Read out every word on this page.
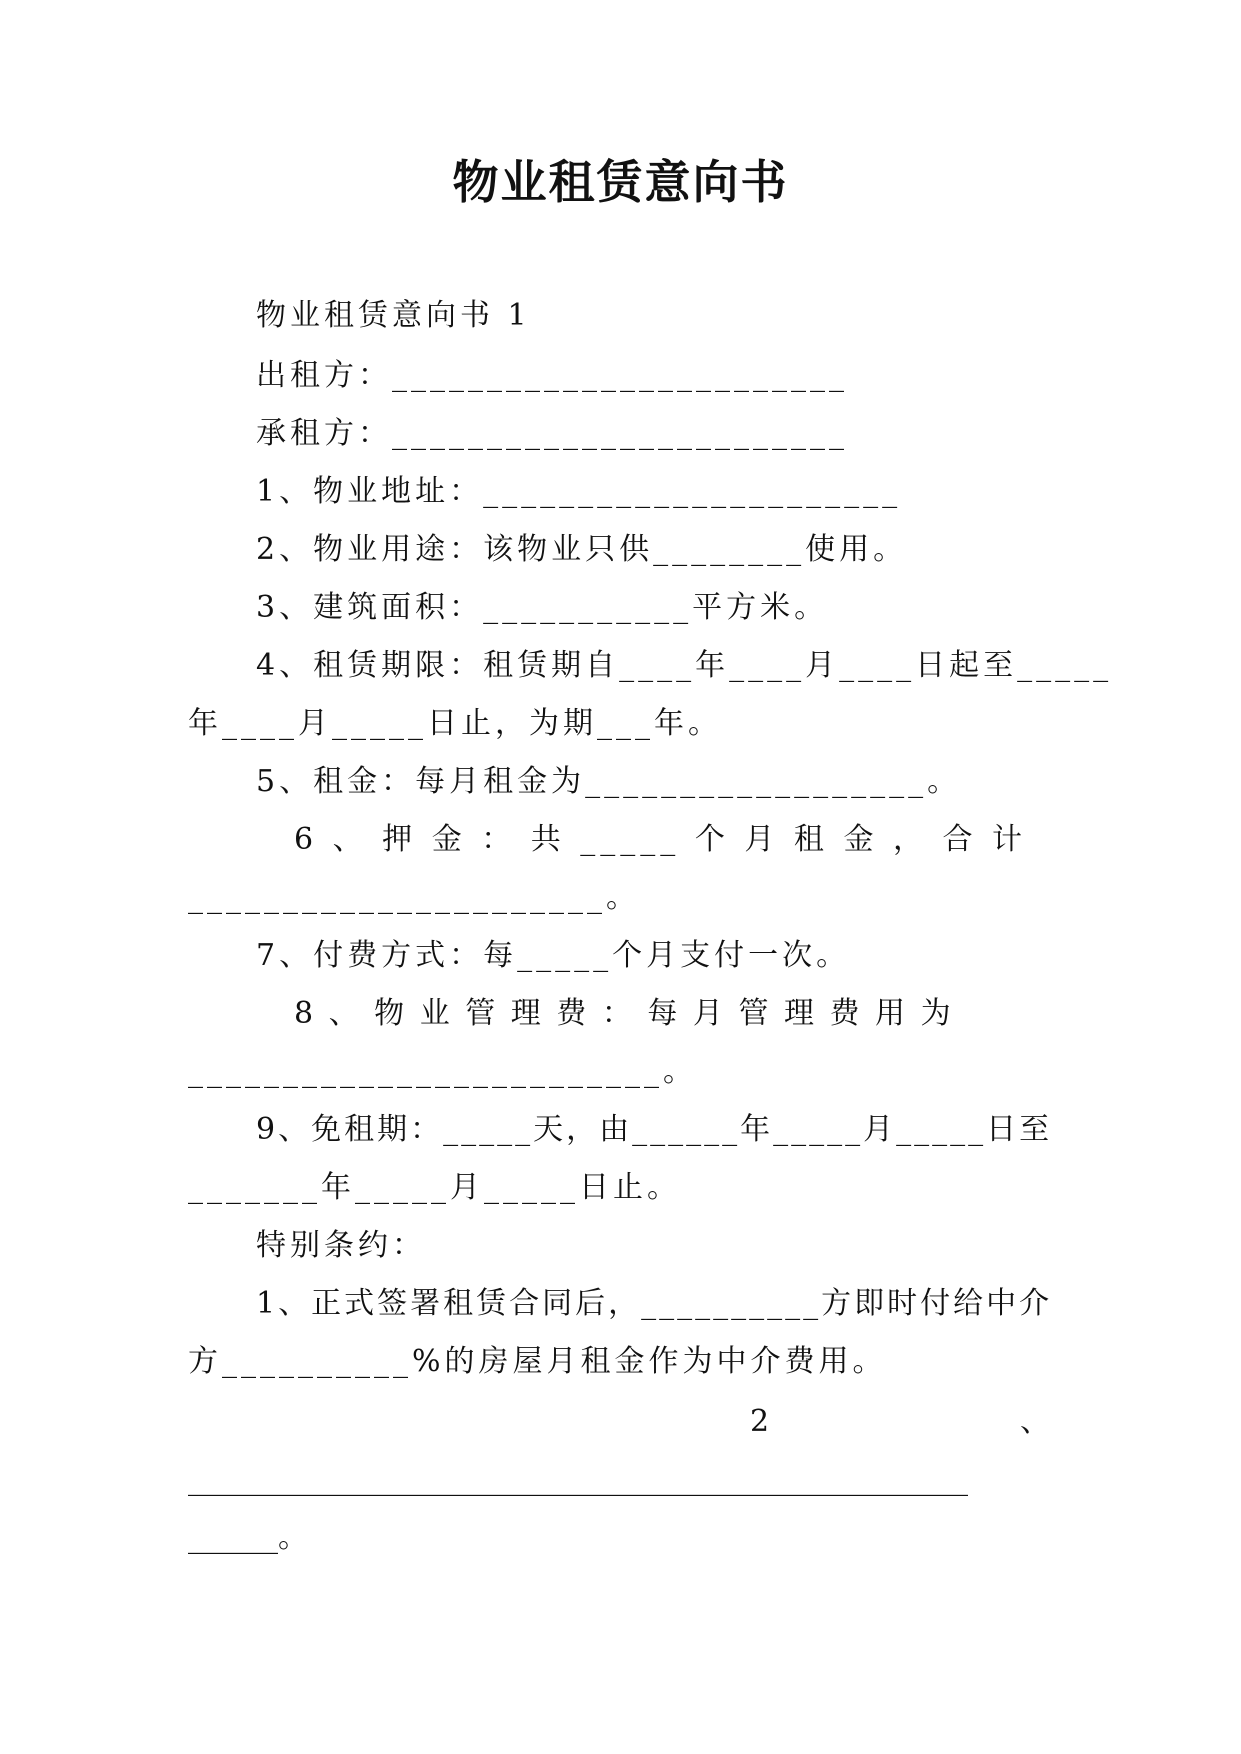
物业租赁意向书
物业租赁意向书 1
出租方：________________________
承租方：________________________
1、物业地址：______________________
2、物业用途：该物业只供________使用。
3、建筑面积：___________平方米。
4、租赁期限：租赁期自____年____月____日起至_____
年____月_____日止，为期___年。
5、租金：每月租金为__________________。
6 、 押 金 ： 共 _____ 个 月 租 金 ， 合 计
______________________。
7、付费方式：每_____个月支付一次。
8 、 物 业 管 理 费 ： 每 月 管 理 费 用 为
_________________________。
9、免租期：_____天，由______年_____月_____日至
_______年_____月_____日止。
特别条约：
1、正式签署租赁合同后，__________方即时付给中介
方__________%的房屋月租金作为中介费用。
2	、
____________________________________________________
______。
